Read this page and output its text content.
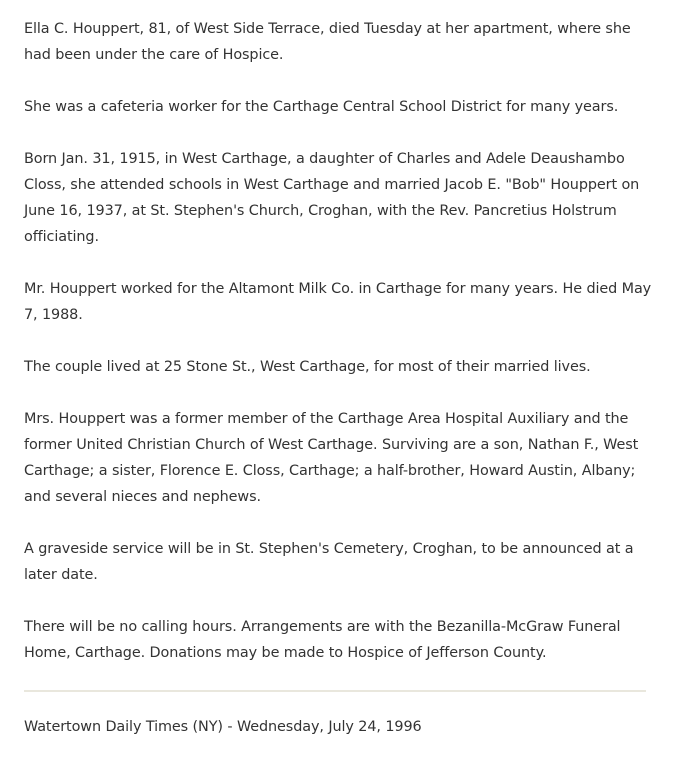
Ella C. Houppert, 81, of West Side Terrace, died Tuesday at her apartment, where she had been under the care of Hospice.

She was a cafeteria worker for the Carthage Central School District for many years.

Born Jan. 31, 1915, in West Carthage, a daughter of Charles and Adele Deaushambo Closs, she attended schools in West Carthage and married Jacob E. "Bob" Houppert on June 16, 1937, at St. Stephen's Church, Croghan, with the Rev. Pancretius Holstrum officiating.

Mr. Houppert worked for the Altamont Milk Co. in Carthage for many years. He died May 7, 1988.

The couple lived at 25 Stone St., West Carthage, for most of their married lives.

Mrs. Houppert was a former member of the Carthage Area Hospital Auxiliary and the former United Christian Church of West Carthage. Surviving are a son, Nathan F., West Carthage; a sister, Florence E. Closs, Carthage; a half-brother, Howard Austin, Albany; and several nieces and nephews.

A graveside service will be in St. Stephen's Cemetery, Croghan, to be announced at a later date.

There will be no calling hours. Arrangements are with the Bezanilla-McGraw Funeral Home, Carthage. Donations may be made to Hospice of Jefferson County.

Watertown Daily Times (NY) - Wednesday, July 24, 1996
